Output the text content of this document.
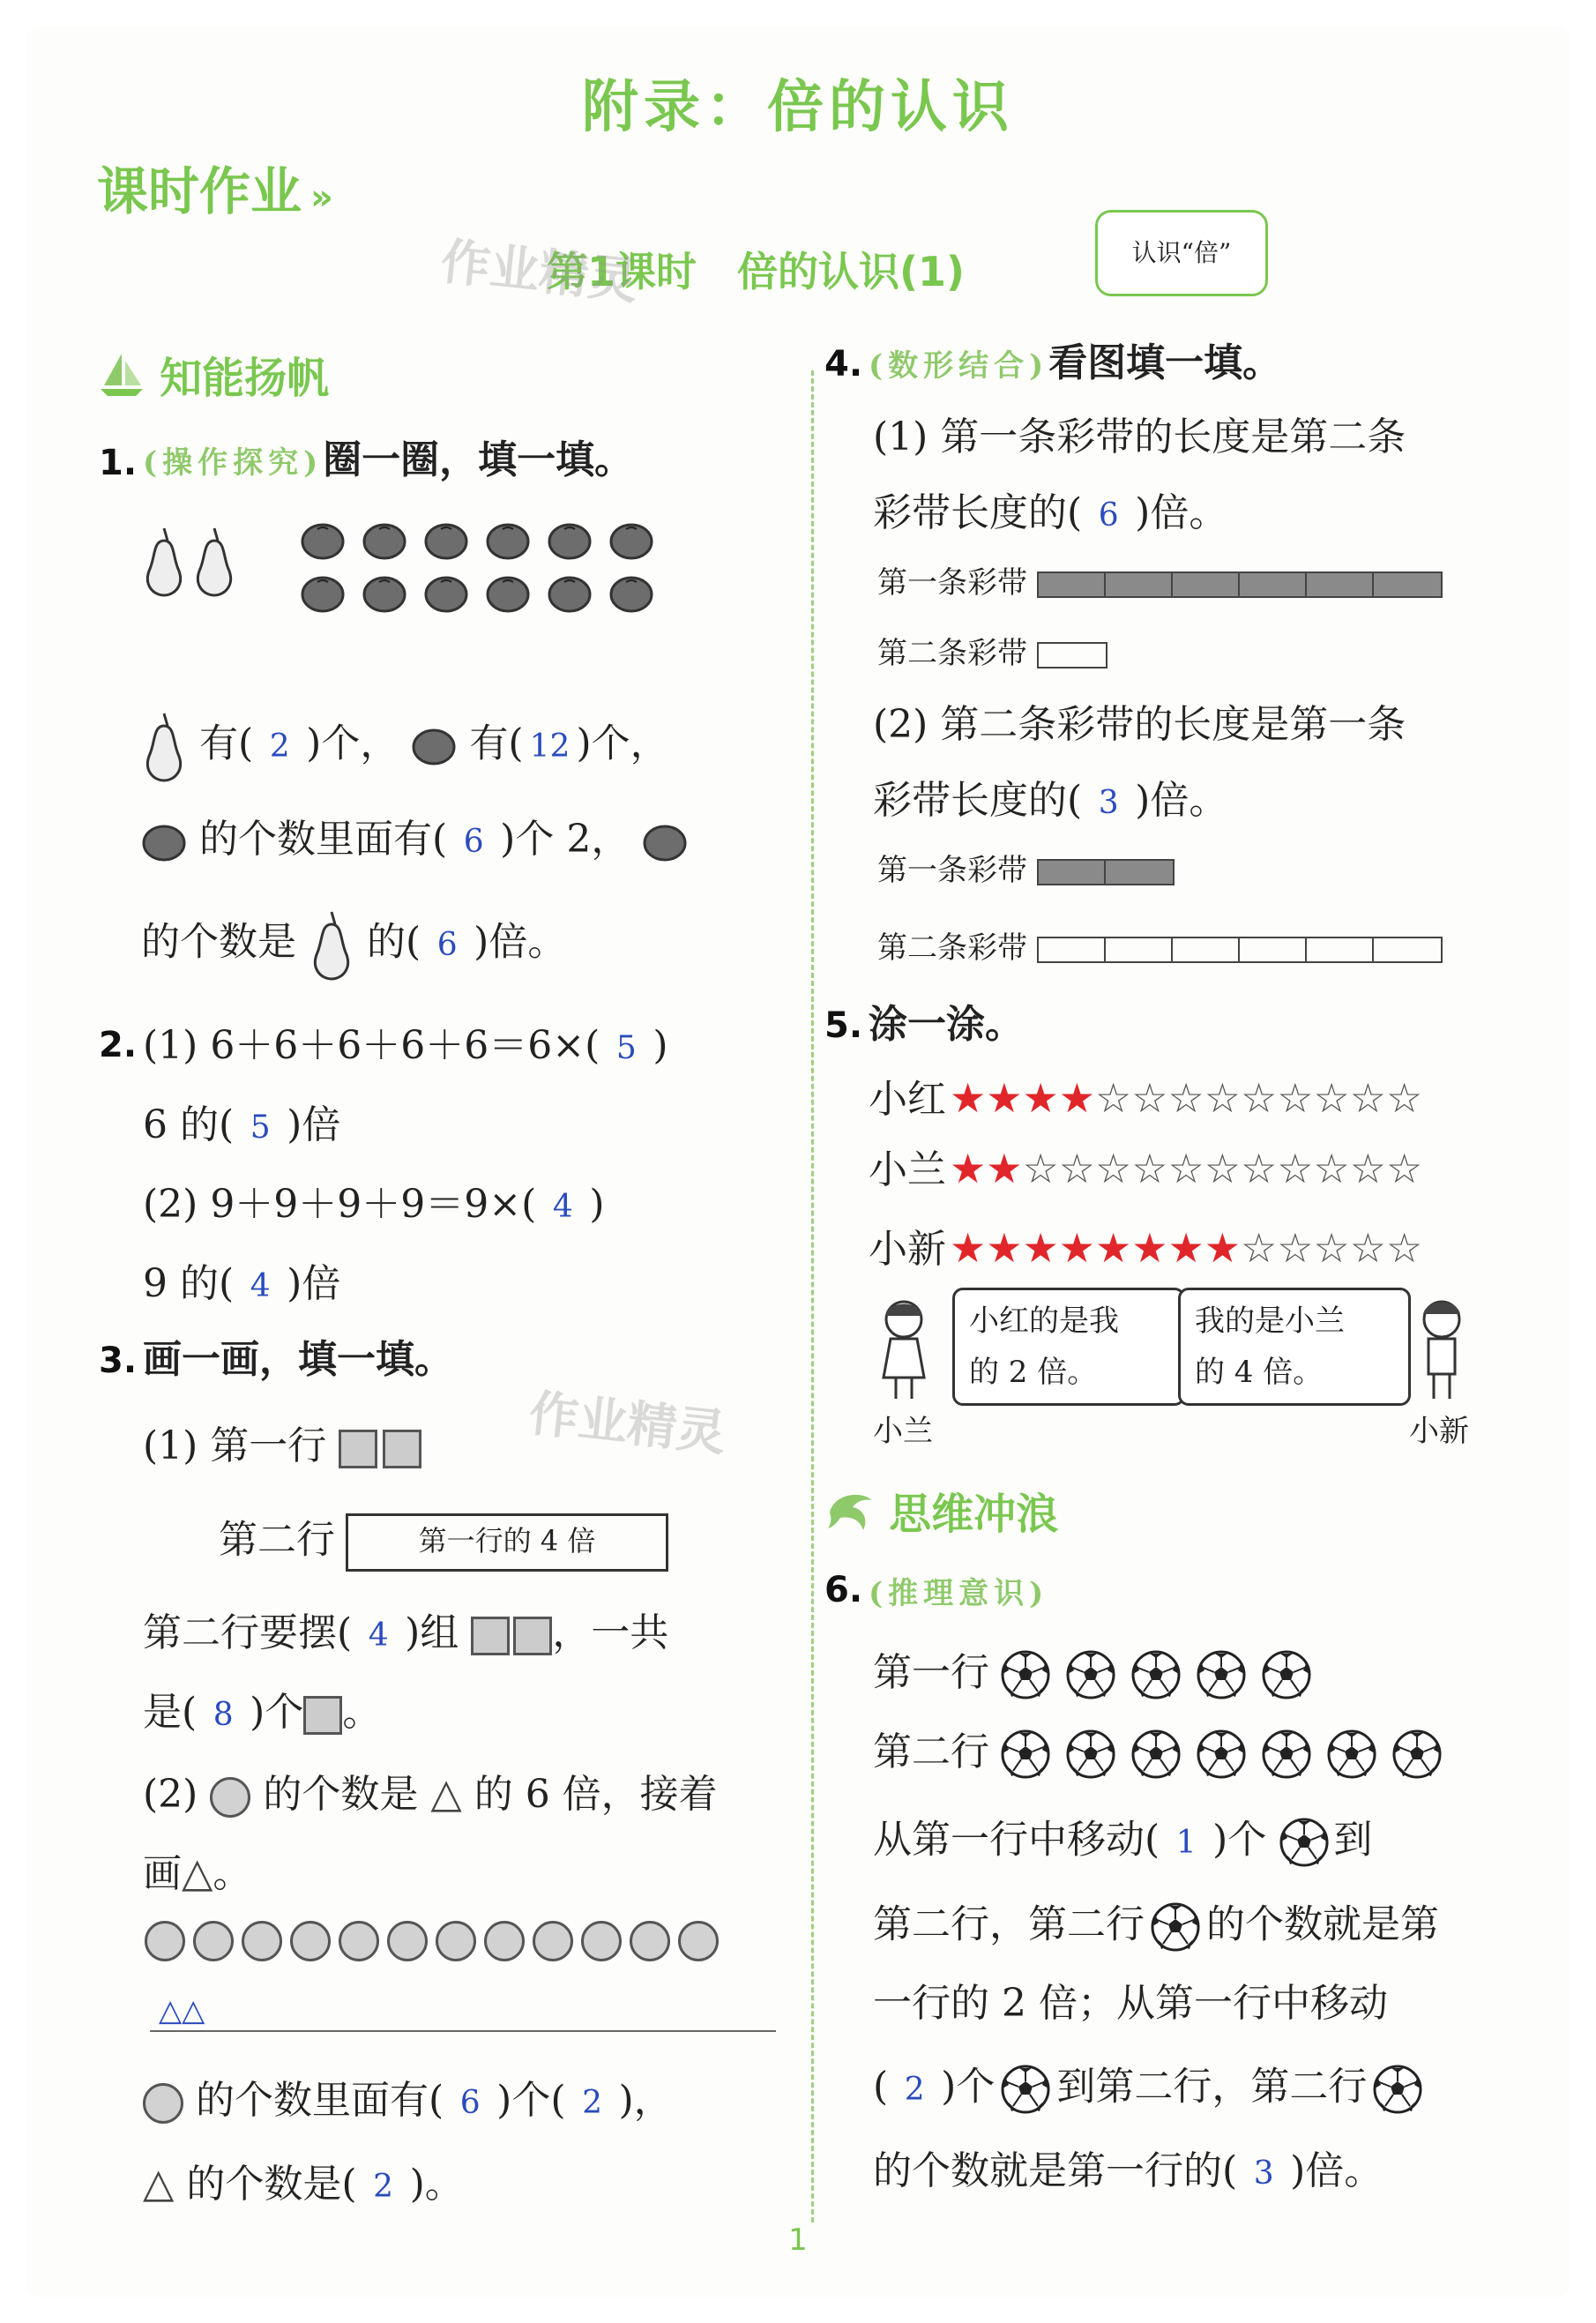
附录：倍的认识
课时作业 »
第1课时　倍的认识(1)	认识“倍”
作业精灵
知能扬帆
1. (操作探究)圈一圈，填一填。

有( 2 )个， 有( 12 )个，
的个数里面有( 6 )个 2，
的个数是 的( 6 )倍。
2. (1) 6＋6＋6＋6＋6＝6×( 5 )
6 的( 5 )倍
(2) 9＋9＋9＋9＝9×( 4 )
9 的( 4 )倍
3. 画一画，填一填。
(1) 第一行	作业精灵
第二行	第一行的 4 倍
第二行要摆( 4 )组 ，一共
是( 8 )个 。
(2) 的个数是 △ 的 6 倍，接着
画△。
△△
的个数里面有( 6 )个( 2 )，
△ 的个数是( 2 )。
4. (数形结合)看图填一填。
(1) 第一条彩带的长度是第二条
彩带长度的( 6 )倍。
第一条彩带
第二条彩带
(2) 第二条彩带的长度是第一条
彩带长度的( 3 )倍。
第一条彩带
第二条彩带
5. 涂一涂。
小红★★★★☆☆☆☆☆☆☆☆☆
小兰★★☆☆☆☆☆☆☆☆☆☆☆
小新★★★★★★★★☆☆☆☆☆
小红的是我
的 2 倍。
我的是小兰
的 4 倍。
小兰	小新
思维冲浪
6. (推理意识)
第一行
第二行
从第一行中移动( 1 )个 到
第二行，第二行 的个数就是第
一行的 2 倍；从第一行中移动
( 2 )个 到第二行，第二行
的个数就是第一行的( 3 )倍。
1
